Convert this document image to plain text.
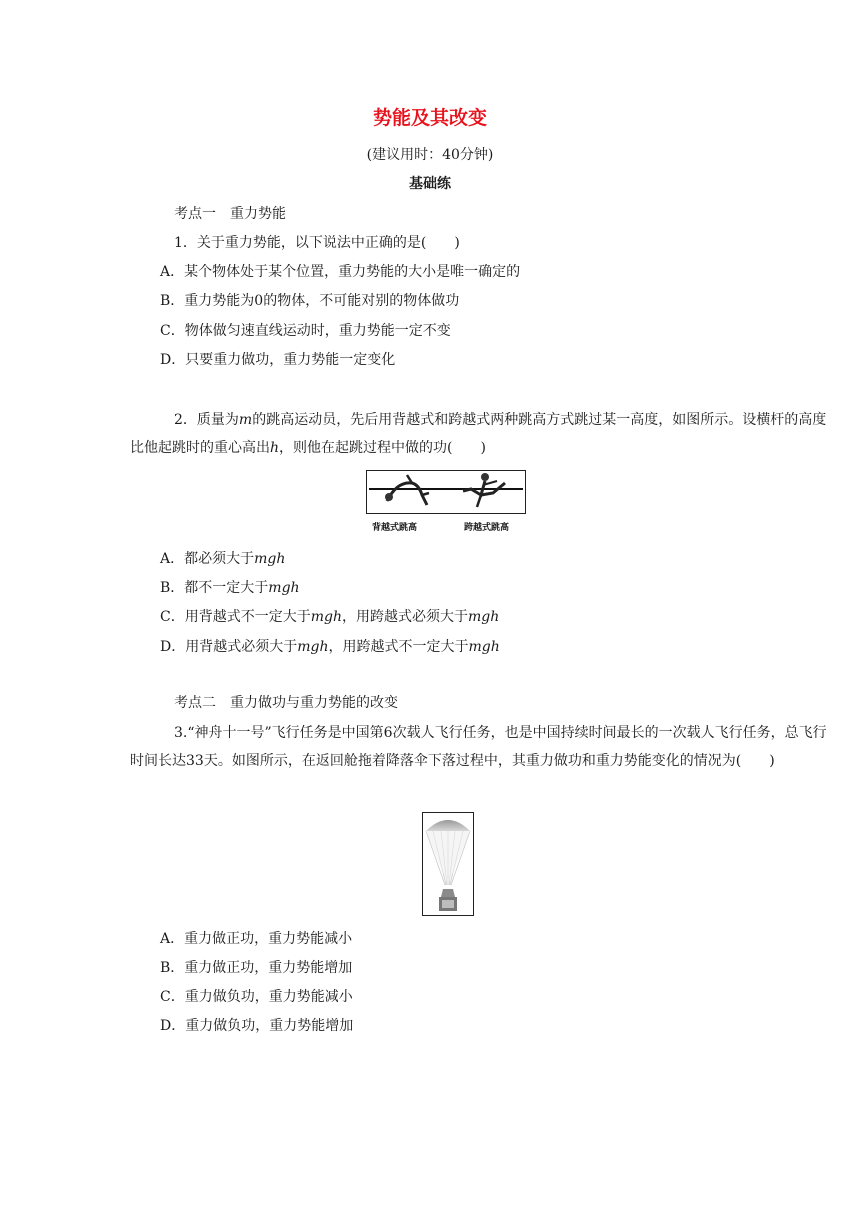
势能及其改变
(建议用时：40分钟)
基础练
考点一　重力势能
1．关于重力势能，以下说法中正确的是(　　)
A．某个物体处于某个位置，重力势能的大小是唯一确定的
B．重力势能为0的物体，不可能对别的物体做功
C．物体做匀速直线运动时，重力势能一定不变
D．只要重力做功，重力势能一定变化
2．质量为m的跳高运动员，先后用背越式和跨越式两种跳高方式跳过某一高度，如图所示。设横杆的高度比他起跳时的重心高出h，则他在起跳过程中做的功(　　)
背越式跳高	跨越式跳高
A．都必须大于mgh
B．都不一定大于mgh
C．用背越式不一定大于mgh，用跨越式必须大于mgh
D．用背越式必须大于mgh，用跨越式不一定大于mgh
考点二　重力做功与重力势能的改变
3.“神舟十一号”飞行任务是中国第6次载人飞行任务，也是中国持续时间最长的一次载人飞行任务，总飞行时间长达33天。如图所示，在返回舱拖着降落伞下落过程中，其重力做功和重力势能变化的情况为(　　)
A．重力做正功，重力势能减小
B．重力做正功，重力势能增加
C．重力做负功，重力势能减小
D．重力做负功，重力势能增加
